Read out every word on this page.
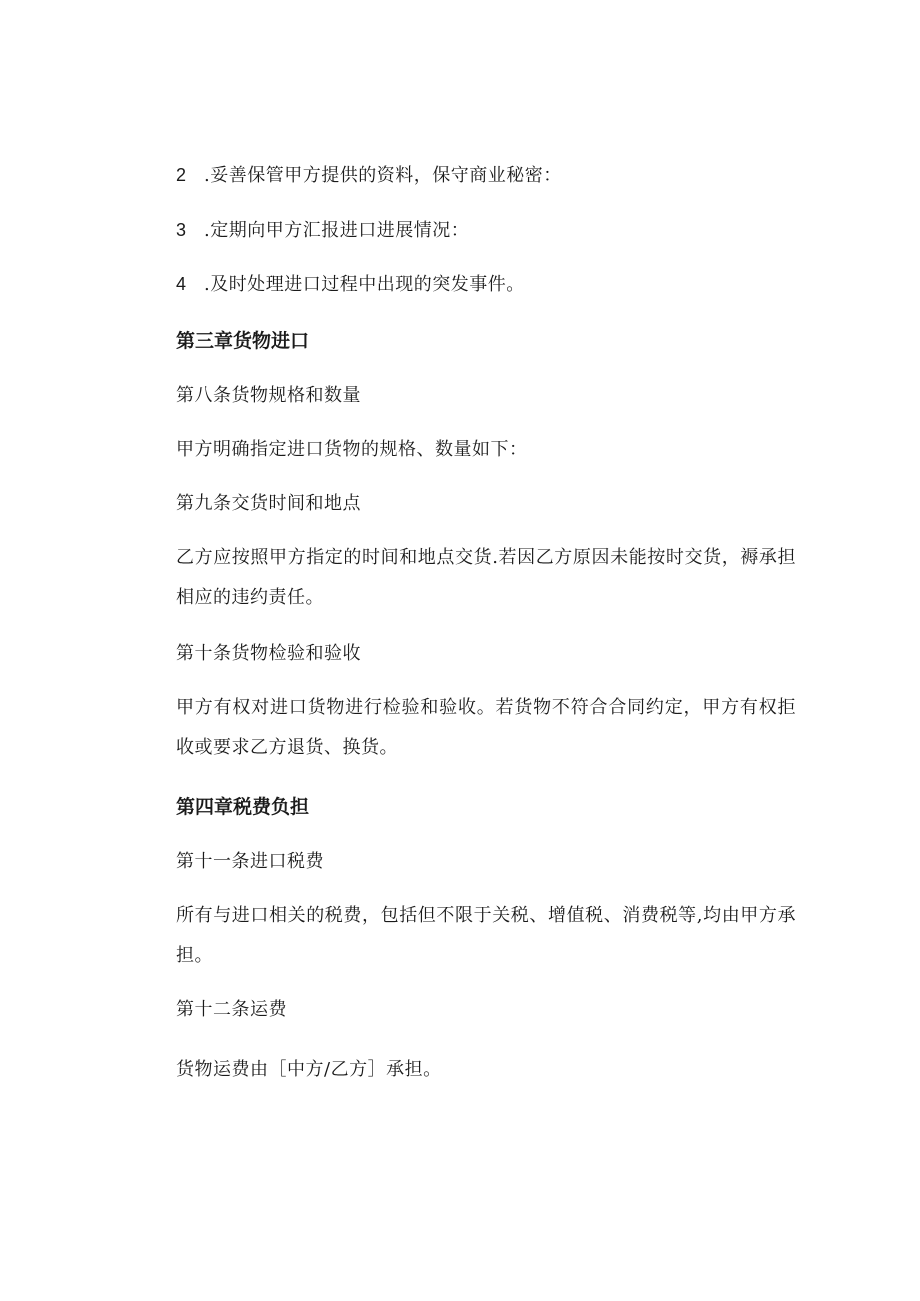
2 .妥善保管甲方提供的资料，保守商业秘密：
3 .定期向甲方汇报进口进展情况：
4 .及时处理进口过程中出现的突发事件。
第三章货物进口
第八条货物规格和数量
甲方明确指定进口货物的规格、数量如下：
第九条交货时间和地点
乙方应按照甲方指定的时间和地点交货.若因乙方原因未能按时交货，褥承担相应的违约责任。
第十条货物检验和验收
甲方有权对进口货物进行检验和验收。若货物不符合合同约定，甲方有权拒收或要求乙方退货、换货。
第四章税费负担
第十一条进口税费
所有与进口相关的税费，包括但不限于关税、增值税、消费税等,均由甲方承担。
第十二条运费
货物运费由［中方/乙方］承担。
